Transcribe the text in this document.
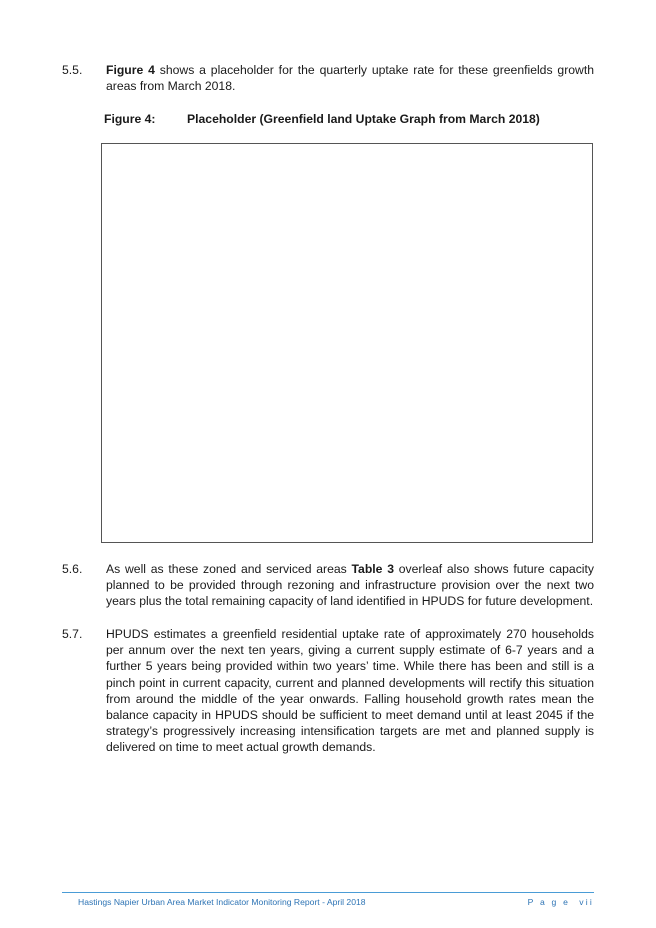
5.5.	Figure 4 shows a placeholder for the quarterly uptake rate for these greenfields growth areas from March 2018.
Figure 4:	Placeholder (Greenfield land Uptake Graph from March 2018)
5.6.	As well as these zoned and serviced areas Table 3 overleaf also shows future capacity planned to be provided through rezoning and infrastructure provision over the next two years plus the total remaining capacity of land identified in HPUDS for future development.
5.7.	HPUDS estimates a greenfield residential uptake rate of approximately 270 households per annum over the next ten years, giving a current supply estimate of 6-7 years and a further 5 years being provided within two years’ time. While there has been and still is a pinch point in current capacity, current and planned developments will rectify this situation from around the middle of the year onwards. Falling household growth rates mean the balance capacity in HPUDS should be sufficient to meet demand until at least 2045 if the strategy’s progressively increasing intensification targets are met and planned supply is delivered on time to meet actual growth demands.
Hastings Napier Urban Area Market Indicator Monitoring Report - April 2018	P a g e vii
